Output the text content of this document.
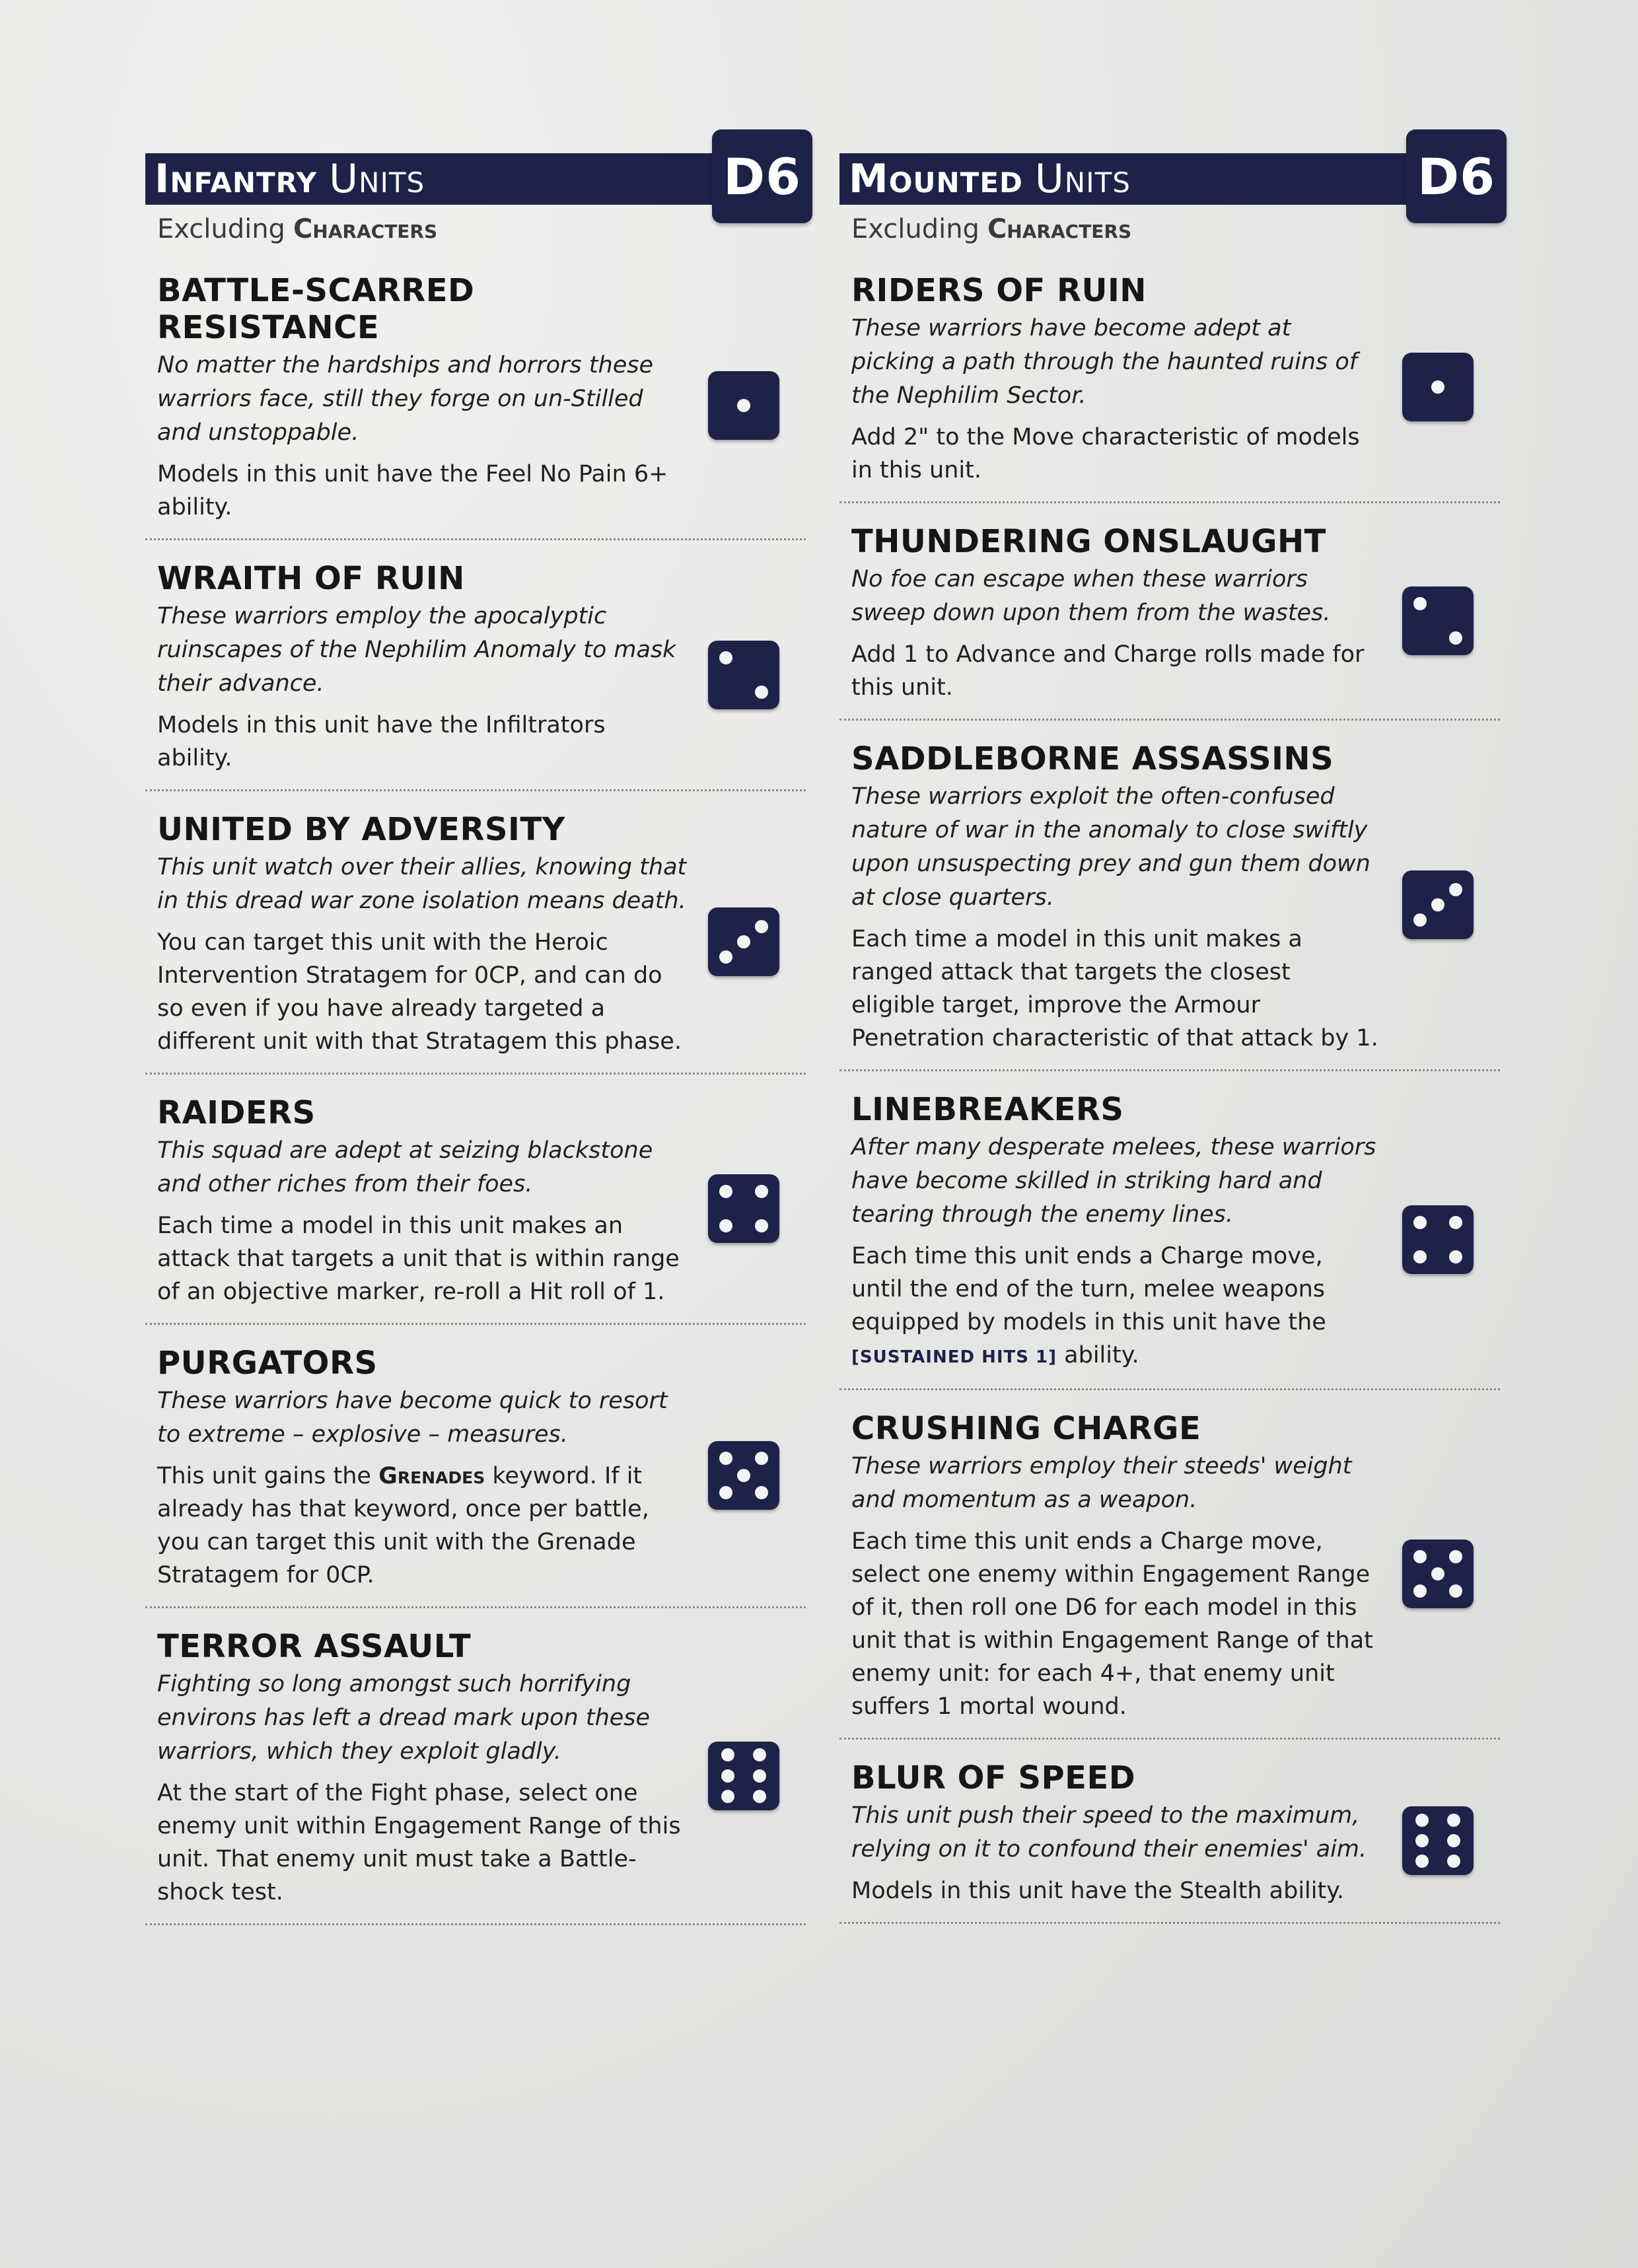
Infantry Units	D6
Excluding Characters
BATTLE-SCARRED RESISTANCE
No matter the hardships and horrors these warriors face, still they forge on un-Stilled and unstoppable.
Models in this unit have the Feel No Pain 6+ ability.
WRAITH OF RUIN
These warriors employ the apocalyptic ruinscapes of the Nephilim Anomaly to mask their advance.
Models in this unit have the Infiltrators ability.
UNITED BY ADVERSITY
This unit watch over their allies, knowing that in this dread war zone isolation means death.
You can target this unit with the Heroic Intervention Stratagem for 0CP, and can do so even if you have already targeted a different unit with that Stratagem this phase.
RAIDERS
This squad are adept at seizing blackstone and other riches from their foes.
Each time a model in this unit makes an attack that targets a unit that is within range of an objective marker, re-roll a Hit roll of 1.
PURGATORS
These warriors have become quick to resort to extreme – explosive – measures.
This unit gains the Grenades keyword. If it already has that keyword, once per battle, you can target this unit with the Grenade Stratagem for 0CP.
TERROR ASSAULT
Fighting so long amongst such horrifying environs has left a dread mark upon these warriors, which they exploit gladly.
At the start of the Fight phase, select one enemy unit within Engagement Range of this unit. That enemy unit must take a Battle-shock test.
Mounted Units	D6
Excluding Characters
RIDERS OF RUIN
These warriors have become adept at picking a path through the haunted ruins of the Nephilim Sector.
Add 2" to the Move characteristic of models in this unit.
THUNDERING ONSLAUGHT
No foe can escape when these warriors sweep down upon them from the wastes.
Add 1 to Advance and Charge rolls made for this unit.
SADDLEBORNE ASSASSINS
These warriors exploit the often-confused nature of war in the anomaly to close swiftly upon unsuspecting prey and gun them down at close quarters.
Each time a model in this unit makes a ranged attack that targets the closest eligible target, improve the Armour Penetration characteristic of that attack by 1.
LINEBREAKERS
After many desperate melees, these warriors have become skilled in striking hard and tearing through the enemy lines.
Each time this unit ends a Charge move, until the end of the turn, melee weapons equipped by models in this unit have the [SUSTAINED HITS 1] ability.
CRUSHING CHARGE
These warriors employ their steeds' weight and momentum as a weapon.
Each time this unit ends a Charge move, select one enemy within Engagement Range of it, then roll one D6 for each model in this unit that is within Engagement Range of that enemy unit: for each 4+, that enemy unit suffers 1 mortal wound.
BLUR OF SPEED
This unit push their speed to the maximum, relying on it to confound their enemies' aim.
Models in this unit have the Stealth ability.
